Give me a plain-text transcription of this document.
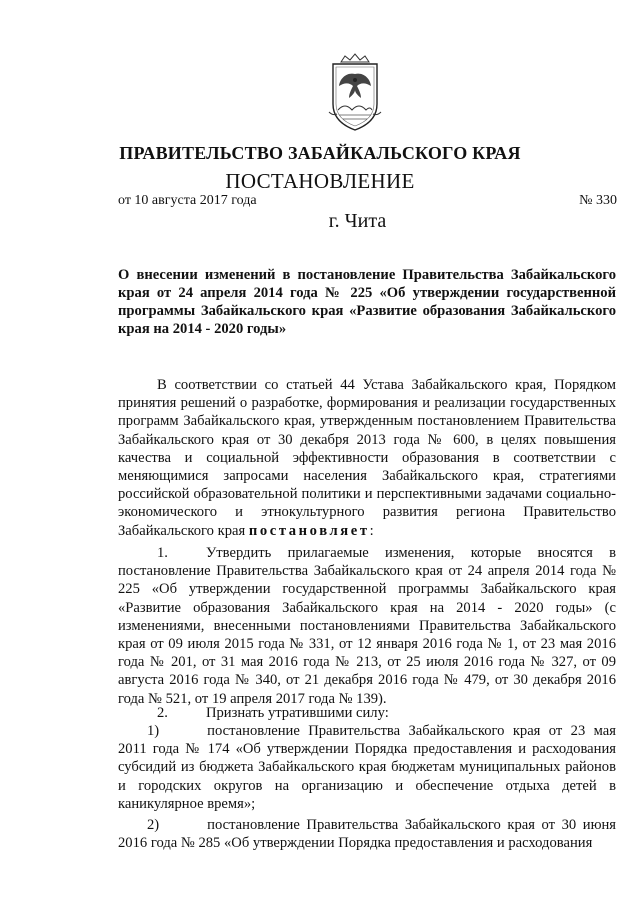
ПРАВИТЕЛЬСТВО ЗАБАЙКАЛЬСКОГО КРАЯ
ПОСТАНОВЛЕНИЕ
от 10 августа 2017 года	№ 330
г. Чита

О внесении изменений в постановление Правительства Забайкальского края от 24 апреля 2014 года № 225 «Об утверждении государственной программы Забайкальского края «Развитие образования Забайкальского края на 2014 - 2020 годы»

В соответствии со статьей 44 Устава Забайкальского края, Порядком принятия решений о разработке, формирования и реализации государственных программ Забайкальского края, утвержденным постановлением Правительства Забайкальского края от 30 декабря 2013 года № 600, в целях повышения качества и социальной эффективности образования в соответствии с меняющимися запросами населения Забайкальского края, стратегиями российской образовательной политики и перспективными задачами социально-экономического и этнокультурного развития региона Правительство Забайкальского края постановляет:

1.	Утвердить прилагаемые изменения, которые вносятся в постановление Правительства Забайкальского края от 24 апреля 2014 года № 225 «Об утверждении государственной программы Забайкальского края «Развитие образования Забайкальского края на 2014 - 2020 годы» (с изменениями, внесенными постановлениями Правительства Забайкальского края от 09 июля 2015 года № 331, от 12 января 2016 года № 1, от 23 мая 2016 года № 201, от 31 мая 2016 года № 213, от 25 июля 2016 года № 327, от 09 августа 2016 года № 340, от 21 декабря 2016 года № 479, от 30 декабря 2016 года № 521, от 19 апреля 2017 года № 139).

2.	Признать утратившими силу:

1)	постановление Правительства Забайкальского края от 23 мая 2011 года № 174 «Об утверждении Порядка предоставления и расходования субсидий из бюджета Забайкальского края бюджетам муниципальных районов и городских округов на организацию и обеспечение отдыха детей в каникулярное время»;

2)	постановление Правительства Забайкальского края от 30 июня 2016 года № 285 «Об утверждении Порядка предоставления и расходования
